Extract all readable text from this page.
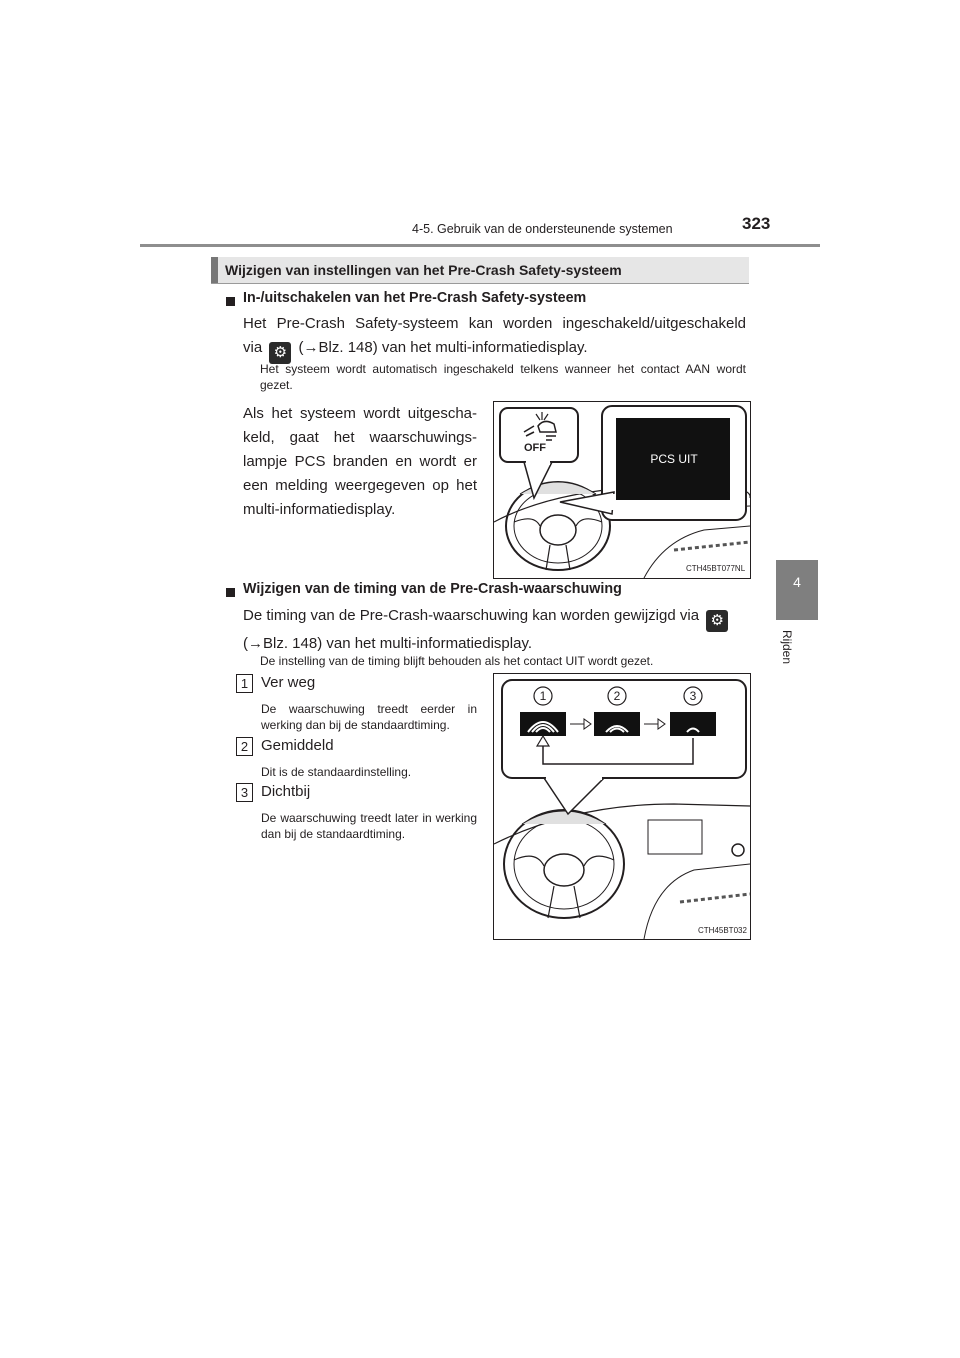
4-5. Gebruik van de ondersteunende systemen	323
4
Rijden
Wijzigen van instellingen van het Pre-Crash Safety-systeem
In-/uitschakelen van het Pre-Crash Safety-systeem
Het Pre-Crash Safety-systeem kan worden ingeschakeld/uitgeschakeld
via ⚙ (→Blz. 148) van het multi-informatiedisplay.
Het systeem wordt automatisch ingeschakeld telkens wanneer het contact AAN wordt gezet.
Als het systeem wordt uitgescha-keld, gaat het waarschuwings-lampje PCS branden en wordt er een melding weergegeven op het multi-informatiedisplay.
PCS UIT
OFF
CTH45BT077NL
Wijzigen van de timing van de Pre-Crash-waarschuwing
De timing van de Pre-Crash-waarschuwing kan worden gewijzigd via ⚙
(→Blz. 148) van het multi-informatiedisplay.
De instelling van de timing blijft behouden als het contact UIT wordt gezet.
1 Ver weg
De waarschuwing treedt eerder in werking dan bij de standaardtiming.
2 Gemiddeld
Dit is de standaardinstelling.
3 Dichtbij
De waarschuwing treedt later in werking dan bij de standaardtiming.
1	2	3
CTH45BT032
